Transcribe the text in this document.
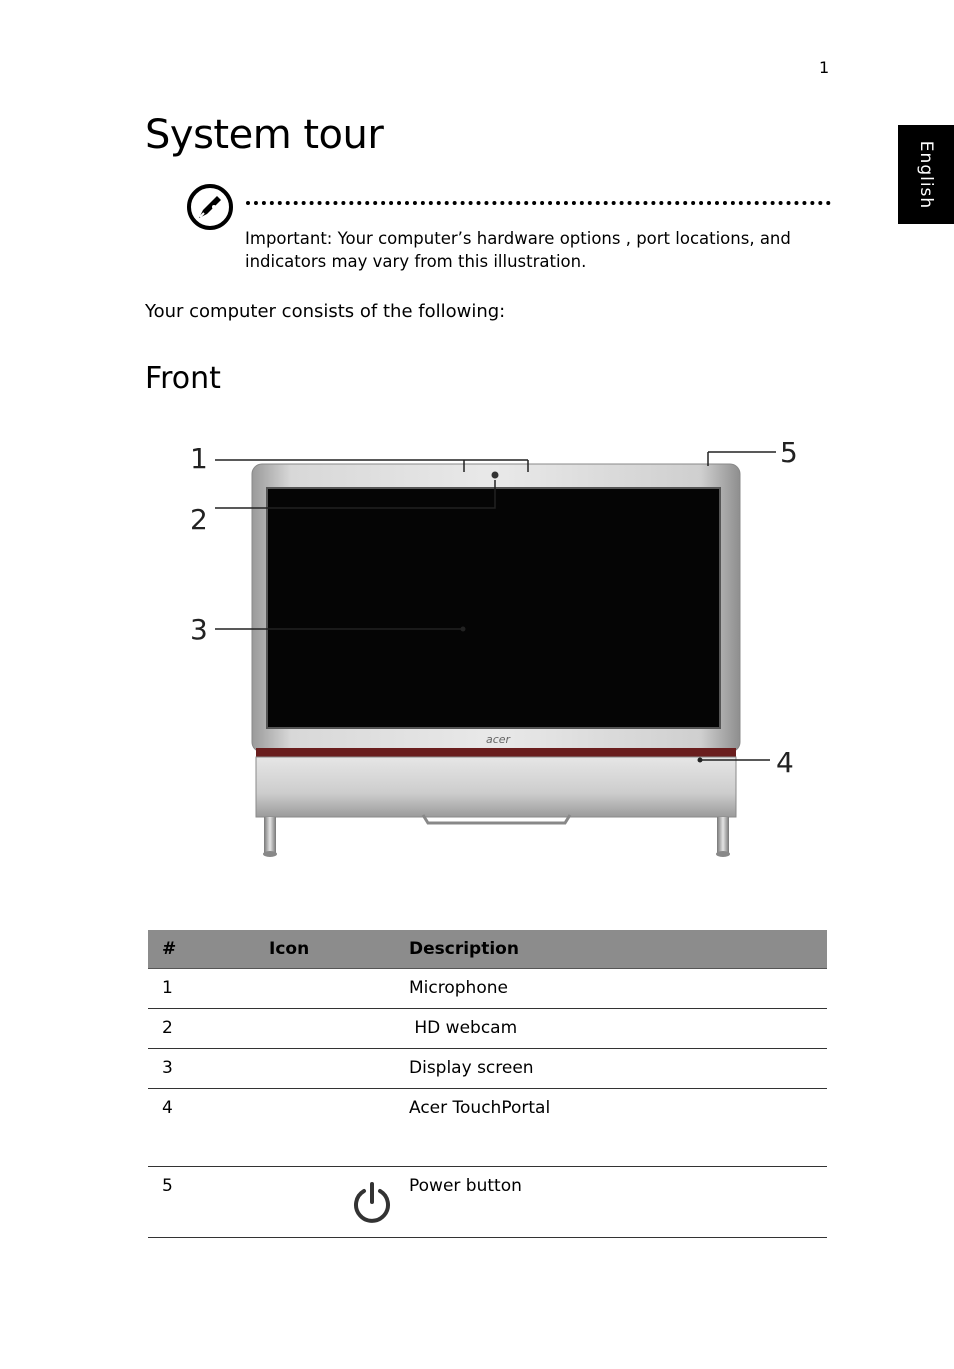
1
English
System tour
Important: Your computer’s hardware options , port locations, and indicators may vary from this illustration.
Your computer consists of the following:
Front
acer
1
2
3
4
5
#	Icon	Description
1		Microphone
2		HD webcam
3		Display screen
4		Acer TouchPortal
5		Power button
